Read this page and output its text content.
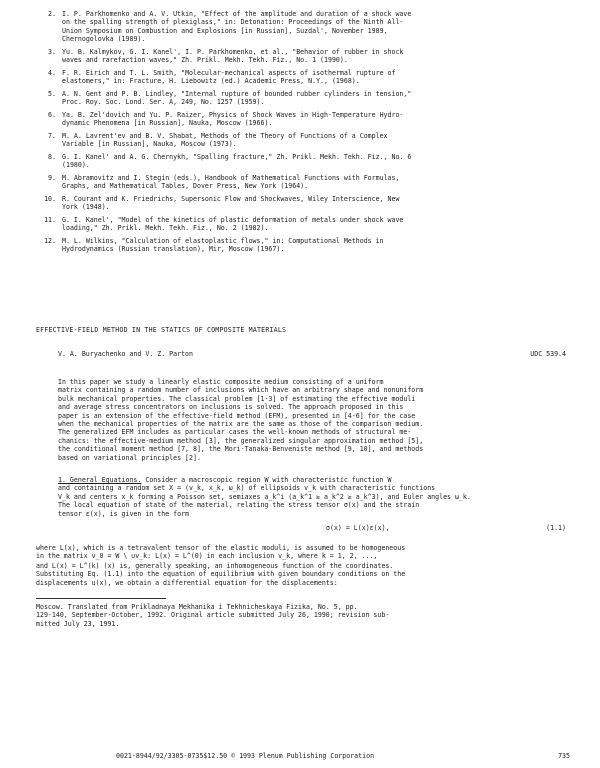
2. I. P. Parkhomenko and A. V. Utkin, "Effect of the amplitude and duration of a shock wave
on the spalling strength of plexiglass," in: Detonation: Proceedings of the Ninth All-
Union Symposium on Combustion and Explosions [in Russian], Suzdal', November 1989,
Chernogolovka (1989).
3. Yu. B. Kalmykov, G. I. Kanel', I. P. Parkhomenko, et al., "Behavior of rubber in shock
waves and rarefaction waves," Zh. Prikl. Mekh. Tekh. Fiz., No. 1 (1990).
4. F. R. Eirich and T. L. Smith, "Molecular-mechanical aspects of isothermal rupture of
elastomers," in: Fracture, H. Liebowitz (ed.) Academic Press, N.Y., (1968).
5. A. N. Gent and P. B. Lindley, "Internal rupture of bounded rubber cylinders in tension,"
Proc. Roy. Soc. Lond. Ser. A, 249, No. 1257 (1959).
6. Ya. B. Zel'dovich and Yu. P. Raizer, Physics of Shock Waves in High-Temperature Hydro-
dynamic Phenomena [in Russian], Nauka, Moscow (1966).
7. M. A. Lavrent'ev and B. V. Shabat, Methods of the Theory of Functions of a Complex
Variable [in Russian], Nauka, Moscow (1973).
8. G. I. Kanel' and A. G. Chernykh, "Spalling fracture," Zh. Prikl. Mekh. Tekh. Fiz., No. 6
(1980).
9. M. Abramovitz and I. Stegin (eds.), Handbook of Mathematical Functions with Formulas,
Graphs, and Mathematical Tables, Dover Press, New York (1964).
10. R. Courant and K. Friedrichs, Supersonic Flow and Shockwaves, Wiley Interscience, New
York (1948).
11. G. I. Kanel', "Model of the kinetics of plastic deformation of metals under shock wave
loading," Zh. Prikl. Mekh. Tekh. Fiz., No. 2 (1982).
12. M. L. Wilkins, "Calculation of elastoplastic flows," in: Computational Methods in
Hydrodynamics (Russian translation), Mir, Moscow (1967).
EFFECTIVE-FIELD METHOD IN THE STATICS OF COMPOSITE MATERIALS
V. A. Buryachenko and V. Z. Parton	UDC 539.4
In this paper we study a linearly elastic composite medium consisting of a uniform
matrix containing a random number of inclusions which have an arbitrary shape and nonuniform
bulk mechanical properties. The classical problem [1-3] of estimating the effective moduli
and average stress concentrators on inclusions is solved. The approach proposed in this
paper is an extension of the effective-field method (EFM), presented in [4-6] for the case
when the mechanical properties of the matrix are the same as those of the comparison medium.
The generalized EFM includes as particular cases the well-known methods of structural me-
chanics: the effective-medium method [3], the generalized singular approximation method [5],
the conditional moment method [7, 8], the Mori-Tanaka-Benveniste method [9, 10], and methods
based on variational principles [2].
1. General Equations. Consider a macroscopic region W with characteristic function W
and containing a random set X = (v_k, x_k, ω_k) of ellipsoids v_k with characteristic functions
V_k and centers x_k forming a Poisson set, semiaxes a_k^i (a_k^1 ≥ a_k^2 ≥ a_k^3), and Euler angles ω_k.
The local equation of state of the material, relating the stress tensor σ(x) and the strain
tensor ε(x), is given in the form
σ(x) = L(x)ε(x),	(1.1)
where L(x), which is a tetravalent tensor of the elastic moduli, is assumed to be homogeneous
in the matrix v_0 = W \ ∪v_k: L(x) = L^(0) in each inclusion v_k, where k = 1, 2, ...,
and L(x) = L^(k) (x) is, generally speaking, an inhomogeneous function of the coordinates.
Substituting Eq. (1.1) into the equation of equilibrium with given boundary conditions on the
displacements u(x), we obtain a differential equation for the displacements:
Moscow. Translated from Prikladnaya Mekhanika i Tekhnicheskaya Fizika, No. 5, pp.
129-140, September-October, 1992. Original article submitted July 26, 1990; revision sub-
mitted July 23, 1991.
0021-8944/92/3305-0735$12.50 © 1993 Plenum Publishing Corporation	735
